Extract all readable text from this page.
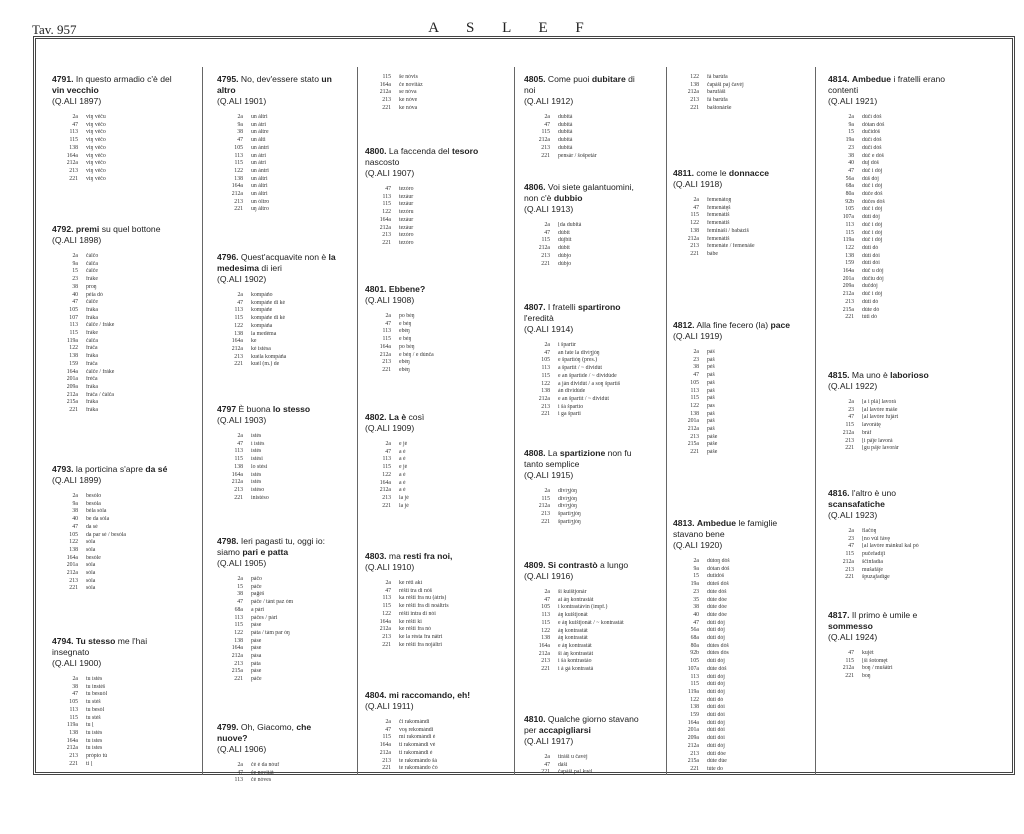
Tav. 957	A S L E F
4791. In questo armadio c'è del vin vecchio
(Q.ALI 1897)
2a	viŋ vėču
47	viŋ vėčo
113	viŋ vėčo
115	viŋ vėčo
138	viŋ vėčo
164a	viŋ vėčo
212a	viŋ vėčo
213	viŋ vėčo
221	viŋ vėčo
4792. premi su quel bottone
(Q.ALI 1898)
2a	čálčo
9a	čálča
15	čálče
23	fráke
38	proŋ
40	péĩa dó
47	čálče
105	fráka
107	fráka
113	čálče / fráke
115	fráke
119a	čálča
122	fráča
138	fráka
159	fráča
164a	čálče / fráke
201a	fréča
209a	fráka
212a	fráča / čálča
215a	fráka
221	fráka
4793. la porticina s'apre da sé
(Q.ALI 1899)
2a	besólo
9a	besóla
38	béla sóla
40	be da sóla
47	da sé
105	da par sé / besóla
122	sóla
138	sóla
164a	besóle
201a	sóla
212a	sóla
213	sóla
221	sóla
4794. Tu stesso me l'hai insegnato
(Q.ALI 1900)
2a	tu ístés
38	tu instéš
47	tu besuól
105	tu stéš
113	tu besól
115	tu stéš
119a	tu [
138	tu ístés
164a	tu ístes
212a	tu ístes
213	própio tú
221	ti [
4795. No, dev'essere stato un altro
(Q.ALI 1901)
2a	un ǻltri
9a	un ǻtri
38	un áltre
47	un ǻlti
105	un ǻntri
113	un ǻtri
115	un ǻtri
122	un ǻntri
138	un ǻltri
164a	un ǻltri
212a	un ǻltri
213	un óltro
221	uŋ ǻltro
4796. Quest'acquavite non è la medesima di ieri
(Q.ALI 1902)
2a	kompáño
47	kompáñe di ké
113	kompáñe
115	kompáñe di ké
122	kompáña
138	la medéma
164a	ke
212a	ké istésa
213	kuéla kompáña
221	kuél (m.) de
4797 È buona lo stesso
(Q.ALI 1903)
2a	ístés
47	í ístés
113	ístés
115	ístési
138	lo stési
164a	ístés
212a	ístés
213	ístéso
221	inistéso
4798. Ieri pagasti tu, oggi io: siamo pari e patta
(Q.ALI 1905)
2a	páčo
15	páče
38	paǧéš
47	páče / tánt paz óm
68a	a pári
113	páčes / pári
115	páse
122	páta / tám par óŋ
138	páse
164a	páse
212a	pása
213	páta
215a	páse
221	páče
4799. Oh, Giacomo, che nuove?
(Q.ALI 1906)
2a	čé é da nóuf
47	če novitǻt
113	čé nóves
115	še nóvis
164a	če novitǻz
212a	se nóva
213	ke nóve
221	ke nóva
4800. La faccenda del tesoro nascosto
(Q.ALI 1907)
47	tezóro
113	tezǻur
115	tezǻur
122	tezóru
164a	tezǻur
212a	tezǻur
213	tezóro
221	tezóro
4801. Ebbene?
(Q.ALI 1908)
2a	po béŋ
47	e béŋ
113	ebéŋ
115	e béŋ
164a	po béŋ
212a	e béŋ / e dúnča
213	ebéŋ
221	ebéŋ
4802. La è così
(Q.ALI 1909)
2a	e jé
47	a é
113	a é
115	e jé
122	a é
164a	a é
212a	a é
213	la jé
221	la jé
4803. ma resti fra noi,
(Q.ALI 1910)
2a	ke réti akí
47	réšti tra di nóš
113	ka réšti fra nu (átris)
115	ke réšti fra di noáltris
122	réšti intra di nói
164a	ke réšti ki
212a	ke réšti fra nó
213	ke la résta fra nǻtri
221	ke réšti fra nojǻltri
4804. mi raccomando, eh!
(Q.ALI 1911)
2a	či rakomándi
47	voş rekomándi
115	mi rakomándi é
164a	ti rakomándi vé
212a	ti rakomándi é
213	te rakomándo šá
221	te rakomándo čó
4805. Come puoi dubitare di noi
(Q.ALI 1912)
2a	dubitǻ
47	dubitǻ
115	dubitǻ
212a	dubitǻ
213	dubitǻ
221	pensǻr / šošpetǻr
4806. Voi siete galantuomini, non c'è dubbio
(Q.ALI 1913)
2a	[da dubitǻ
47	dúbit
115	dújbit
212a	dúbit
213	dúbjo
221	dúbjo
4807. I fratelli spartirono l'eredità
(Q.ALI 1914)
2a	i špartír
47	an fate la divíʒjóŋ
105	e špartíóŋ (pres.)
113	a špartít / ~ dividút
115	e an špartíde / ~ dividúde
122	a jǻn dividút / a soŋ špartíš
138	án dividúde
212a	e an špartít / ~ dividút
213	i šá špartío
221	i ga šparti
4808. La spartizione non fu tanto semplice
(Q.ALI 1915)
2a	divíʒjóŋ
115	divíʒjóŋ
212a	divíʒjóŋ
213	špartíʒjóŋ
221	špartíʒjóŋ
4809. Si contrastò a lungo
(Q.ALI 1916)
2a	ši kuištjonǻr
47	ai ǻŋ kontrastǻt
105	i kontrastǻvin (impf.)
113	ǻŋ kuištjonǻt
115	e ǻŋ kuištjonǻt / ~ kontrastǻt
122	ǻŋ kontrastǻt
138	ǻŋ kontrastǻt
164a	e ǻŋ kontrastǻt
212a	ši ǻŋ kontrastǻt
213	i šá kontrastǻo
221	i ǻ gá kontrastǻ
4810. Qualche giorno stavano per accapigliarsi
(Q.ALI 1917)
2a	tirǻši u čavéj
47	dáši
221	čapǻši pal kuél
122	fǻ barúfa
138	čapǻši paj čavéj
212a	barufǻši
213	fǻ barúfa
221	baštonǻrše
4811. come le donnacce
(Q.ALI 1918)
2a	femenáto̜ŋ
47	femenátęš
115	femenátiš
122	femenátiš
138	femináši / babáziš
212a	femenátiš
213	femenáte / femenáše
221	bábe
4812. Alla fine fecero (la) pace
(Q.ALI 1919)
2a	páŝ
23	páš
38	péš
47	páš
105	páš
113	páš
115	páš
122	pas
138	páš
201a	páš
212a	páš
213	páše
215a	páše
221	páše
4813. Ambedue le famiglie stavano bene
(Q.ALI 1920)
2a	dútoŋ dóš
9a	dótan dóš
15	dutidóš
19a	dúteš dóš
23	dúte dóš
35	dúte dóe
38	dúte dóe
40	dúte dóe
47	dúti dój
56a	dúti dój
68a	dúti dój
80a	dútes dóš
92b	dútes dós
105	dúti dój
107a	dúte dóš
113	dúti dój
115	dúti dój
119a	dúti dój
122	dúti dó
138	dúti dói
159	dúti dói
164a	dúti dój
201a	dúti dói
209a	dúti dói
212a	dúti dój
213	dúti dóe
215a	dúte dúe
221	túte do
4814. Ambedue i fratelli erano contenti
(Q.ALI 1921)
2a	dúčí dóš
9a	dótan dóš
15	dučidóš
19a	dúčí dóš
23	dúči dóš
38	dúč e dóš
40	duǰ dóš
47	dúč i dój
56a	dúš dój
68a	dúč i dój
80a	dúče dóš
92b	dúčes dóš
105	dúč i dój
107a	dúti dój
113	dúč i dój
115	dúč i dój
119a	dúč i dój
122	dúti dó
138	dúti dói
159	dúti dói
164a	dúč u dój
201a	dúčiu dój
209a	dučdój
212a	dúč i dój
213	dúti dó
215a	dúte dó
221	túti dó
4815. Ma uno è laborioso
(Q.ALI 1922)
2a	[a i plǻ] lavorǻ
23	[al lavóre máše
47	[al lavóre fujǻrt
115	lavorǻtę
212a	brǻf
213	[i pǻĵe lavorǻ
221	[gu pǻĵe lavorǻr
4816. l'altro è uno scansafatiche
(Q.ALI 1923)
2a	flačóŋ
23	[no vúl fǻvę
47	[al lavóre mǻnkul kal pó
115	pučefadíĵi
212a	ščinfadía
213	mušafǻĵe
221	špuza̯fadíge
4817. Il primo è umile e sommesso
(Q.ALI 1924)
47	kujét
115	[ši šotomę́t
212a	boŋ / mušǻtri
221	boŋ
